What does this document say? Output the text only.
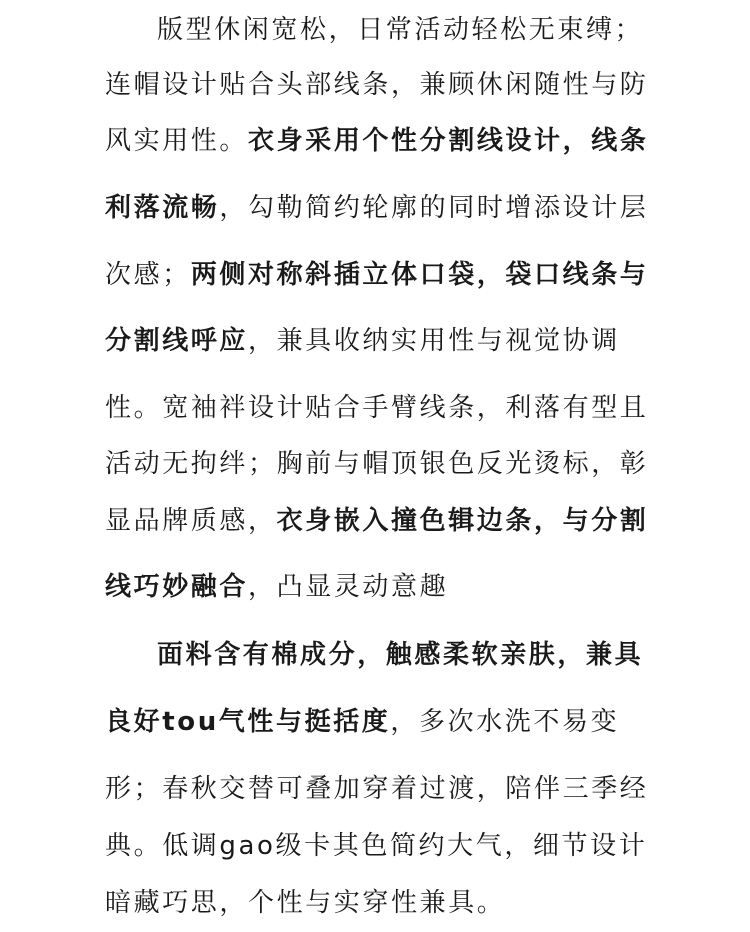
版型休闲宽松，日常活动轻松无束缚；
连帽设计贴合头部线条，兼顾休闲随性与防
风实用性。衣身采用个性分割线设计，线条
利落流畅，勾勒简约轮廓的同时增添设计层
次感；两侧对称斜插立体口袋，袋口线条与
分割线呼应，兼具收纳实用性与视觉协调
性。宽袖袢设计贴合手臂线条，利落有型且
活动无拘绊；胸前与帽顶银色反光烫标，彰
显品牌质感，衣身嵌入撞色辑边条，与分割
线巧妙融合，凸显灵动意趣
面料含有棉成分，触感柔软亲肤，兼具
良好tou气性与挺括度，多次水洗不易变
形；春秋交替可叠加穿着过渡，陪伴三季经
典。低调gao级卡其色简约大气，细节设计
暗藏巧思，个性与实穿性兼具。
